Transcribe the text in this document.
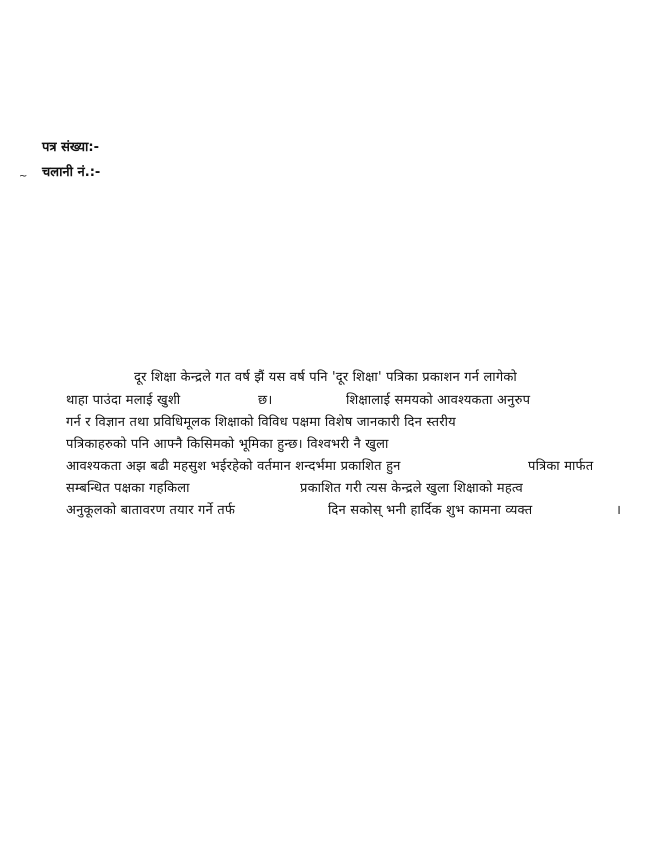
पत्र संख्या:-
~ चलानी नं.:-
दूर शिक्षा केन्द्रले गत वर्ष झैं यस वर्ष पनि 'दूर शिक्षा' पत्रिका प्रकाशन गर्न लागेको
थाहा पाउंदा मलाई खुशी	छ।	शिक्षालाई समयको आवश्यकता अनुरुप
गर्न र विज्ञान तथा प्रविधिमूलक शिक्षाको विविध पक्षमा विशेष जानकारी दिन स्तरीय
पत्रिकाहरुको पनि आफ्नै किसिमको भूमिका हुन्छ। विश्वभरी नै खुला
आवश्यकता अझ बढी महसुश भईरहेको वर्तमान शन्दर्भमा प्रकाशित हुन	पत्रिका मार्फत
सम्बन्धित पक्षका गहकिला	प्रकाशित गरी त्यस केन्द्रले खुला शिक्षाको महत्व
अनुकूलको बातावरण तयार गर्ने तर्फ	दिन सकोस् भनी हार्दिक शुभ कामना व्यक्त	।
